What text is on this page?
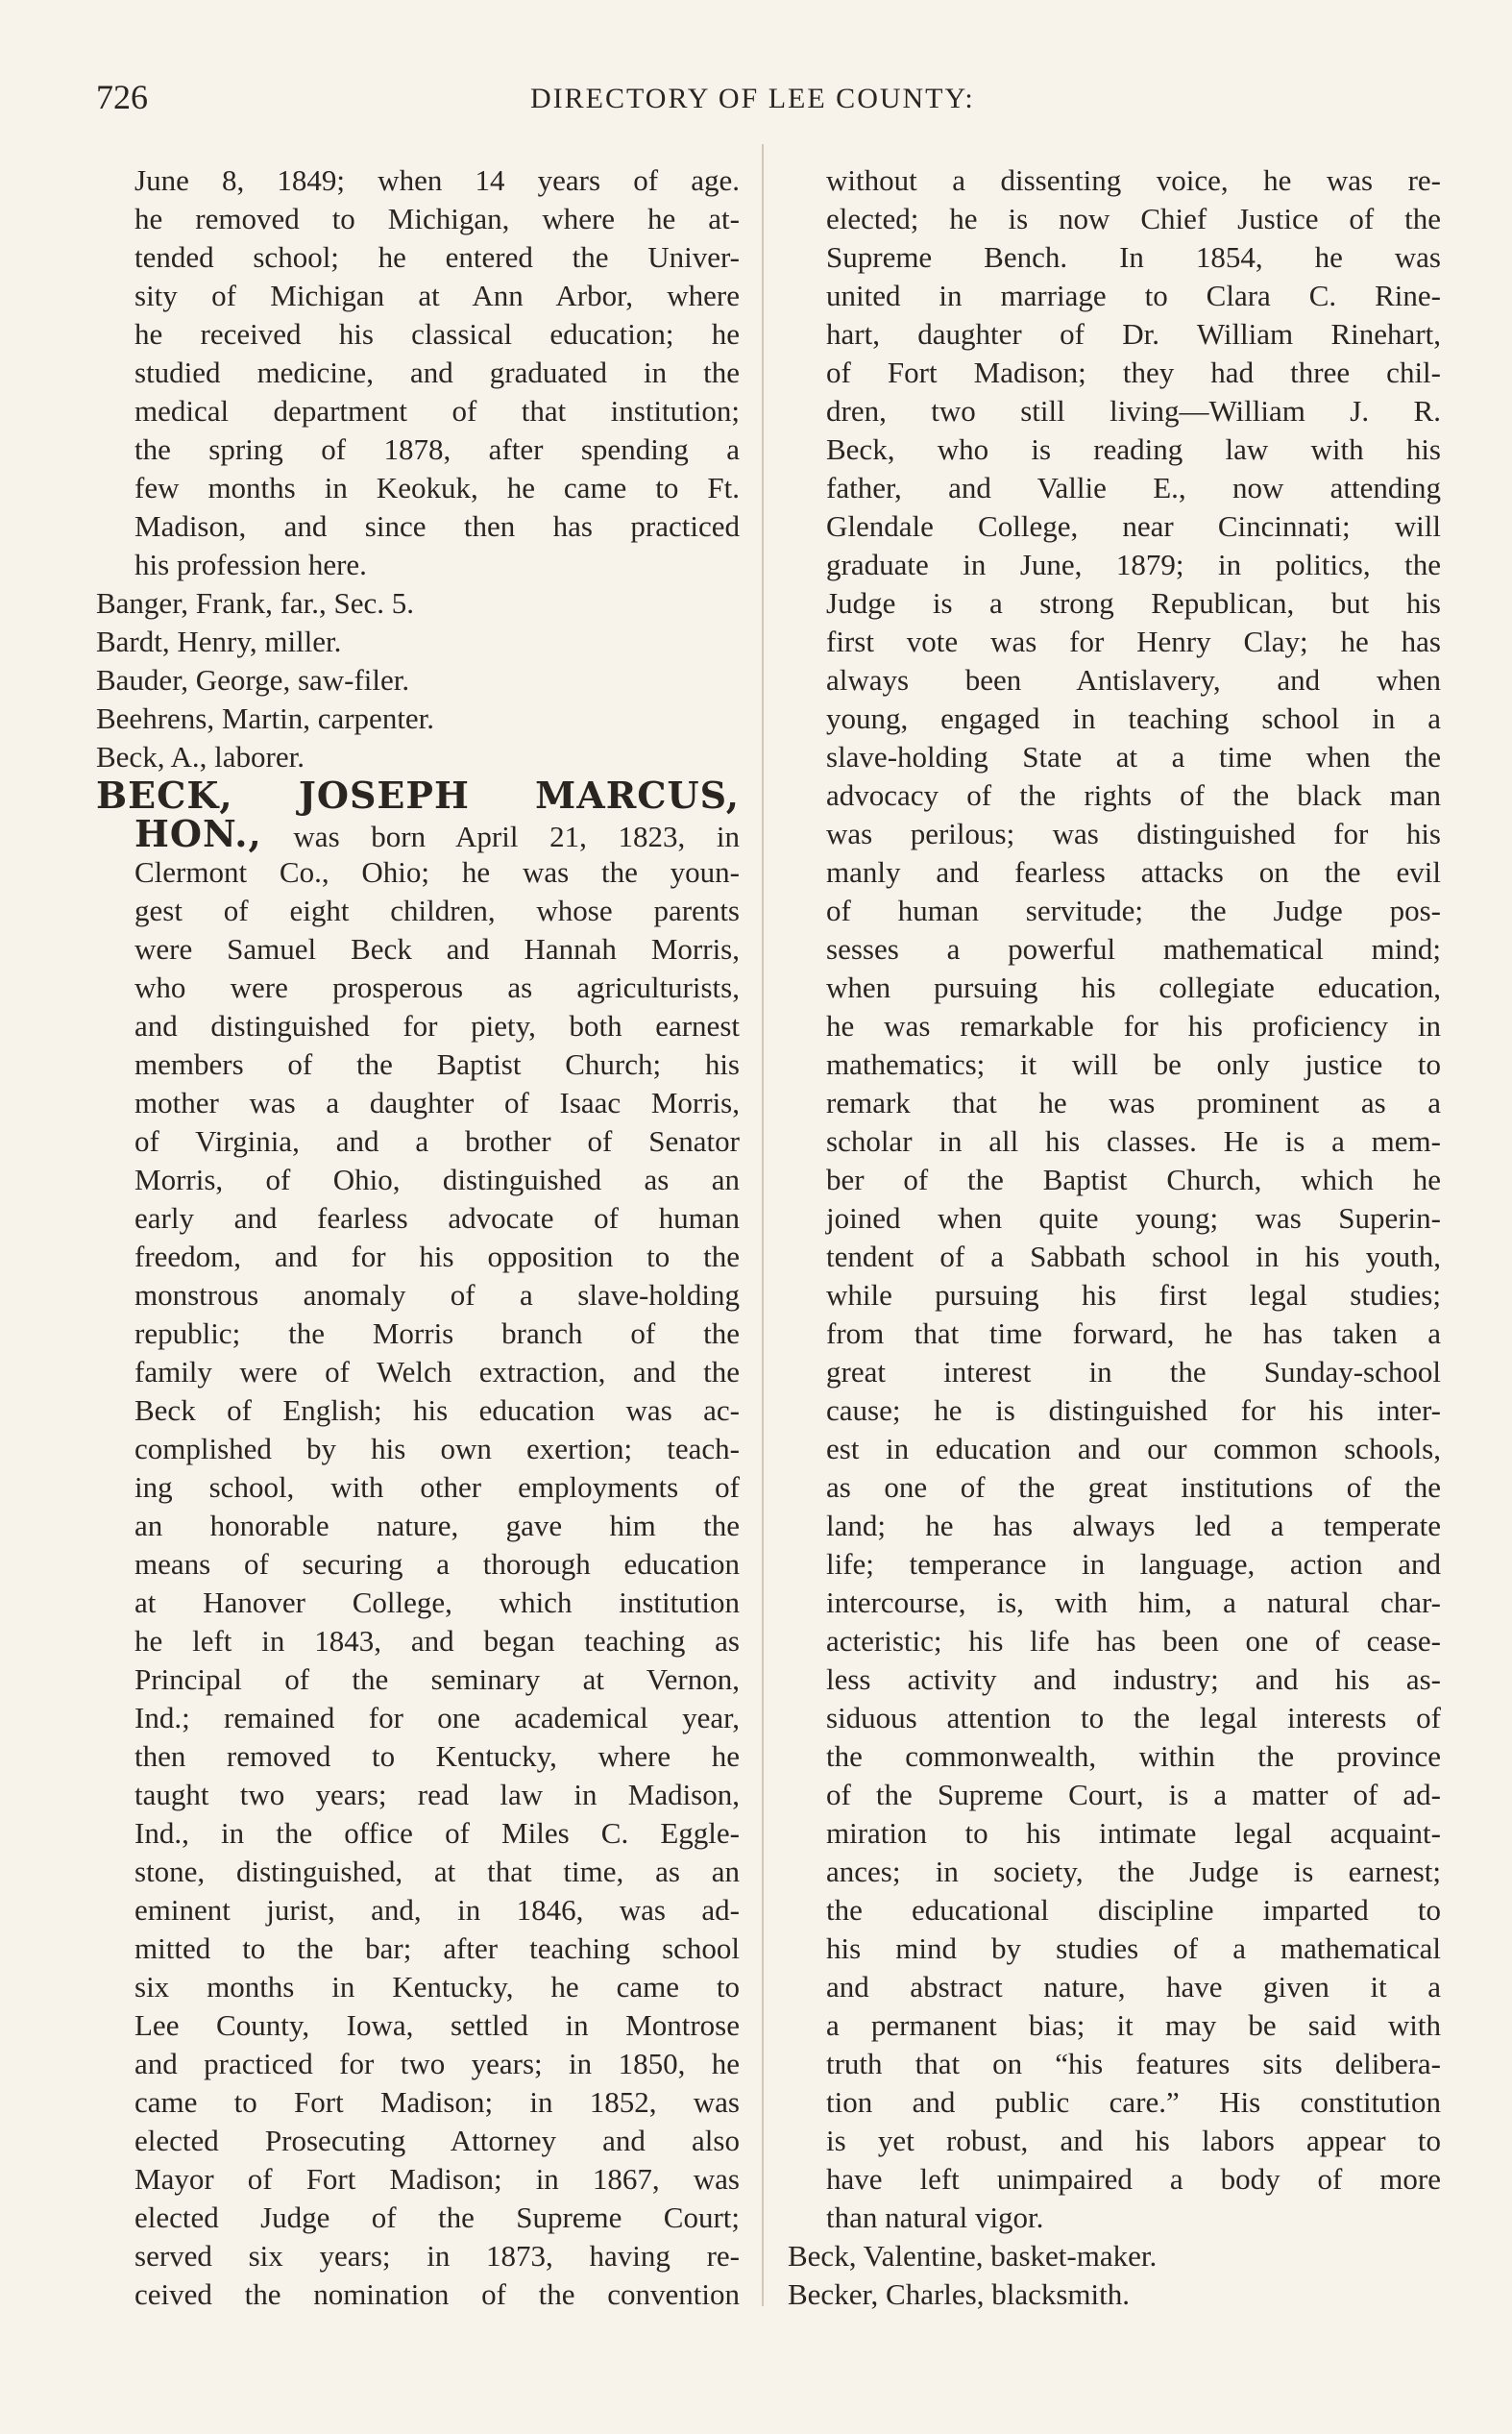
726	DIRECTORY OF LEE COUNTY:
June 8, 1849; when 14 years of age.
he removed to Michigan, where he at-
tended school; he entered the Univer-
sity of Michigan at Ann Arbor, where
he received his classical education; he
studied medicine, and graduated in the
medical department of that institution;
the spring of 1878, after spending a
few months in Keokuk, he came to Ft.
Madison, and since then has practiced
his profession here.
Banger, Frank, far., Sec. 5.
Bardt, Henry, miller.
Bauder, George, saw-filer.
Beehrens, Martin, carpenter.
Beck, A., laborer.
BECK, JOSEPH MARCUS,
HON., was born April 21, 1823, in
Clermont Co., Ohio; he was the youn-
gest of eight children, whose parents
were Samuel Beck and Hannah Morris,
who were prosperous as agriculturists,
and distinguished for piety, both earnest
members of the Baptist Church; his
mother was a daughter of Isaac Morris,
of Virginia, and a brother of Senator
Morris, of Ohio, distinguished as an
early and fearless advocate of human
freedom, and for his opposition to the
monstrous anomaly of a slave-holding
republic; the Morris branch of the
family were of Welch extraction, and the
Beck of English; his education was ac-
complished by his own exertion; teach-
ing school, with other employments of
an honorable nature, gave him the
means of securing a thorough education
at Hanover College, which institution
he left in 1843, and began teaching as
Principal of the seminary at Vernon,
Ind.; remained for one academical year,
then removed to Kentucky, where he
taught two years; read law in Madison,
Ind., in the office of Miles C. Eggle-
stone, distinguished, at that time, as an
eminent jurist, and, in 1846, was ad-
mitted to the bar; after teaching school
six months in Kentucky, he came to
Lee County, Iowa, settled in Montrose
and practiced for two years; in 1850, he
came to Fort Madison; in 1852, was
elected Prosecuting Attorney and also
Mayor of Fort Madison; in 1867, was
elected Judge of the Supreme Court;
served six years; in 1873, having re-
ceived the nomination of the convention
without a dissenting voice, he was re-
elected; he is now Chief Justice of the
Supreme Bench. In 1854, he was
united in marriage to Clara C. Rine-
hart, daughter of Dr. William Rinehart,
of Fort Madison; they had three chil-
dren, two still living—William J. R.
Beck, who is reading law with his
father, and Vallie E., now attending
Glendale College, near Cincinnati; will
graduate in June, 1879; in politics, the
Judge is a strong Republican, but his
first vote was for Henry Clay; he has
always been Antislavery, and when
young, engaged in teaching school in a
slave-holding State at a time when the
advocacy of the rights of the black man
was perilous; was distinguished for his
manly and fearless attacks on the evil
of human servitude; the Judge pos-
sesses a powerful mathematical mind;
when pursuing his collegiate education,
he was remarkable for his proficiency in
mathematics; it will be only justice to
remark that he was prominent as a
scholar in all his classes. He is a mem-
ber of the Baptist Church, which he
joined when quite young; was Superin-
tendent of a Sabbath school in his youth,
while pursuing his first legal studies;
from that time forward, he has taken a
great interest in the Sunday-school
cause; he is distinguished for his inter-
est in education and our common schools,
as one of the great institutions of the
land; he has always led a temperate
life; temperance in language, action and
intercourse, is, with him, a natural char-
acteristic; his life has been one of cease-
less activity and industry; and his as-
siduous attention to the legal interests of
the commonwealth, within the province
of the Supreme Court, is a matter of ad-
miration to his intimate legal acquaint-
ances; in society, the Judge is earnest;
the educational discipline imparted to
his mind by studies of a mathematical
and abstract nature, have given it a
a permanent bias; it may be said with
truth that on “his features sits delibera-
tion and public care.” His constitution
is yet robust, and his labors appear to
have left unimpaired a body of more
than natural vigor.
Beck, Valentine, basket-maker.
Becker, Charles, blacksmith.
